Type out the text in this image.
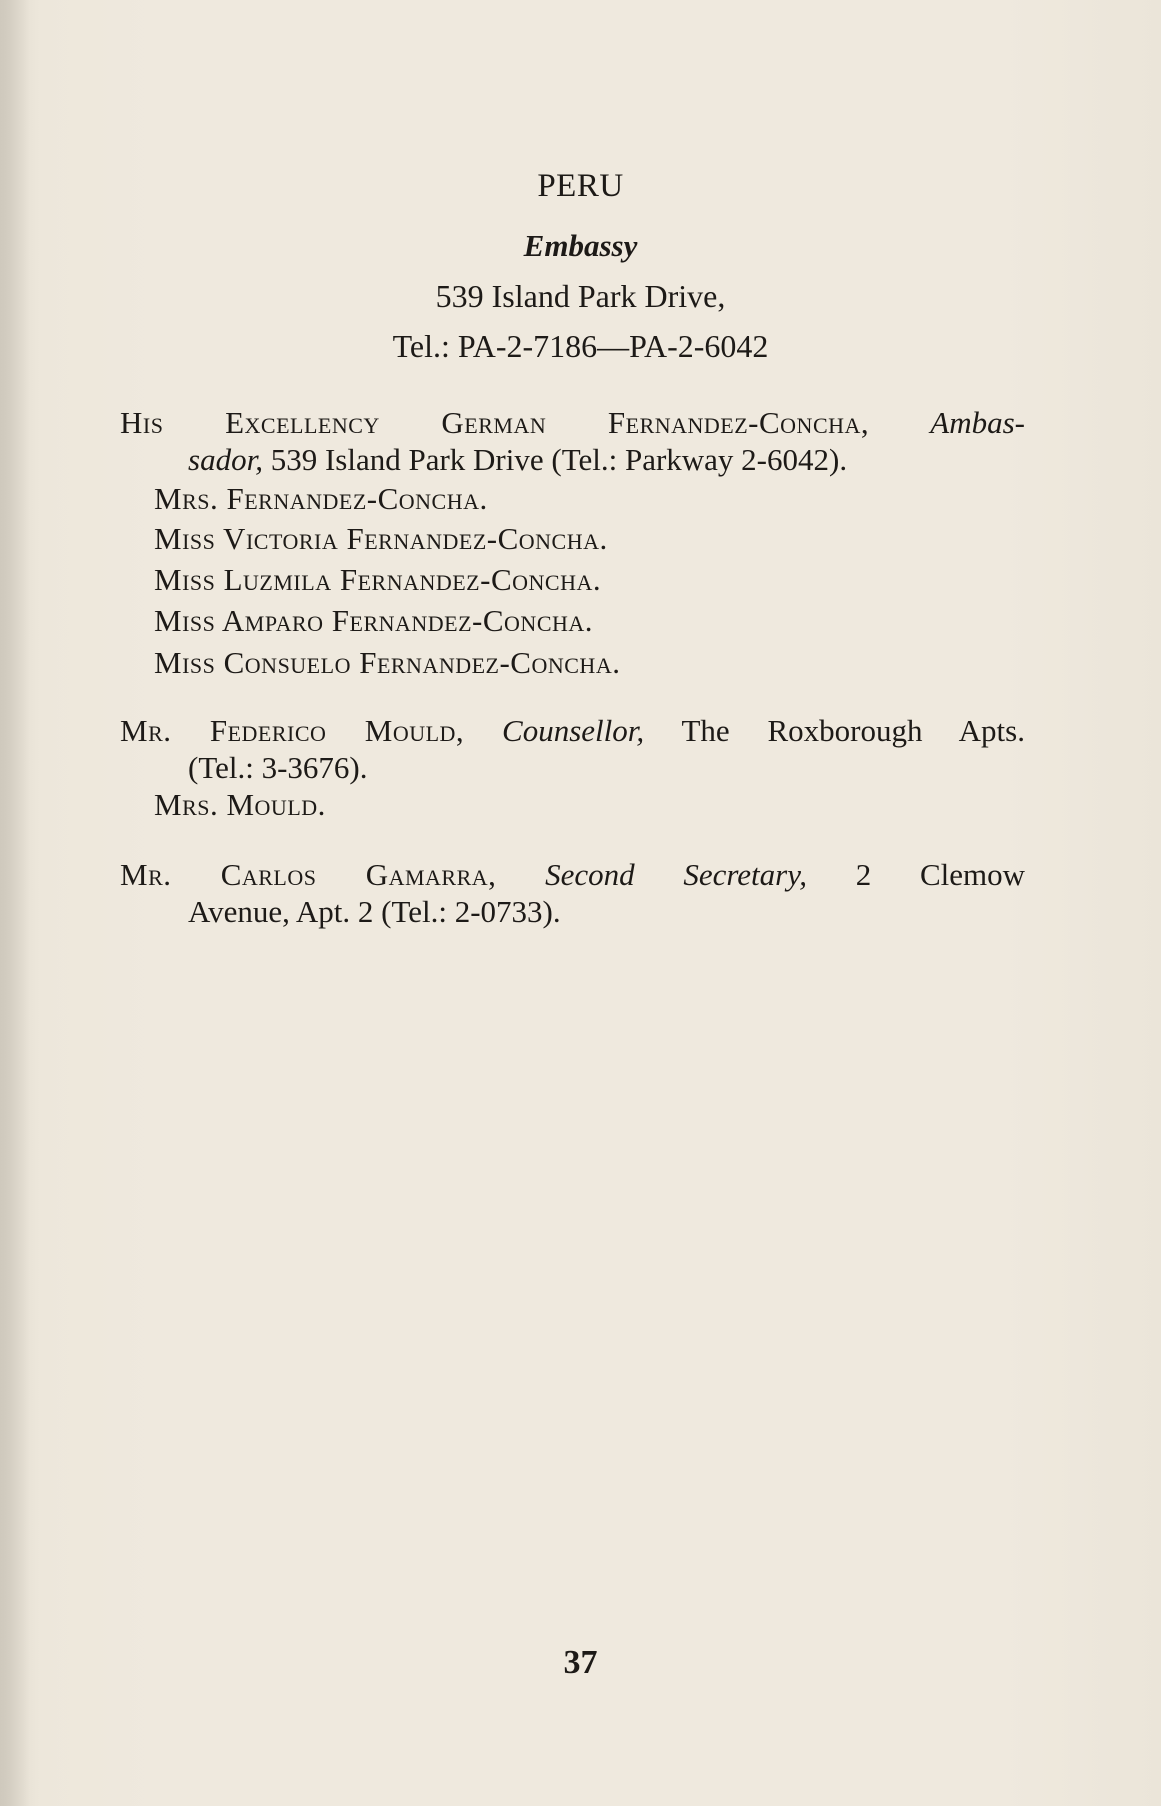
PERU
Embassy
539 Island Park Drive,
Tel.: PA-2-7186—PA-2-6042
His Excellency German Fernandez-Concha, Ambas-
sador, 539 Island Park Drive (Tel.: Parkway 2-6042).
Mrs. Fernandez-Concha.
Miss Victoria Fernandez-Concha.
Miss Luzmila Fernandez-Concha.
Miss Amparo Fernandez-Concha.
Miss Consuelo Fernandez-Concha.
Mr. Federico Mould, Counsellor, The Roxborough Apts.
(Tel.: 3-3676).
Mrs. Mould.
Mr. Carlos Gamarra, Second Secretary, 2 Clemow
Avenue, Apt. 2 (Tel.: 2-0733).
37
